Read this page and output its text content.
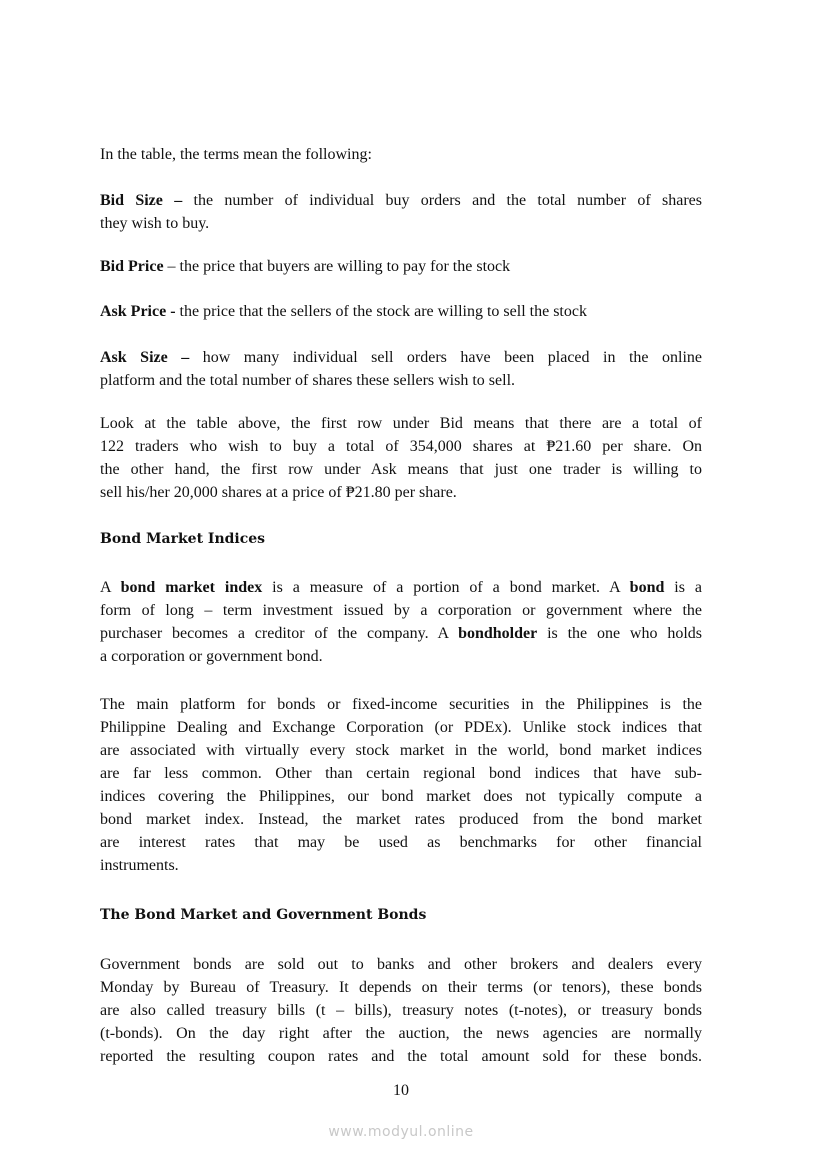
In the table, the terms mean the following:
Bid Size – the number of individual buy orders and the total number of shares
they wish to buy.
Bid Price – the price that buyers are willing to pay for the stock
Ask Price - the price that the sellers of the stock are willing to sell the stock
Ask Size – how many individual sell orders have been placed in the online
platform and the total number of shares these sellers wish to sell.
Look at the table above, the first row under Bid means that there are a total of
122 traders who wish to buy a total of 354,000 shares at ₱21.60 per share. On
the other hand, the first row under Ask means that just one trader is willing to
sell his/her 20,000 shares at a price of ₱21.80 per share.
Bond Market Indices
A bond market index is a measure of a portion of a bond market. A bond is a
form of long – term investment issued by a corporation or government where the
purchaser becomes a creditor of the company. A bondholder is the one who holds
a corporation or government bond.
The main platform for bonds or fixed-income securities in the Philippines is the
Philippine Dealing and Exchange Corporation (or PDEx). Unlike stock indices that
are associated with virtually every stock market in the world, bond market indices
are far less common. Other than certain regional bond indices that have sub-
indices covering the Philippines, our bond market does not typically compute a
bond market index. Instead, the market rates produced from the bond market
are interest rates that may be used as benchmarks for other financial
instruments.
The Bond Market and Government Bonds
Government bonds are sold out to banks and other brokers and dealers every
Monday by Bureau of Treasury. It depends on their terms (or tenors), these bonds
are also called treasury bills (t – bills), treasury notes (t-notes), or treasury bonds
(t-bonds). On the day right after the auction, the news agencies are normally
reported the resulting coupon rates and the total amount sold for these bonds.
10
www.modyul.online
